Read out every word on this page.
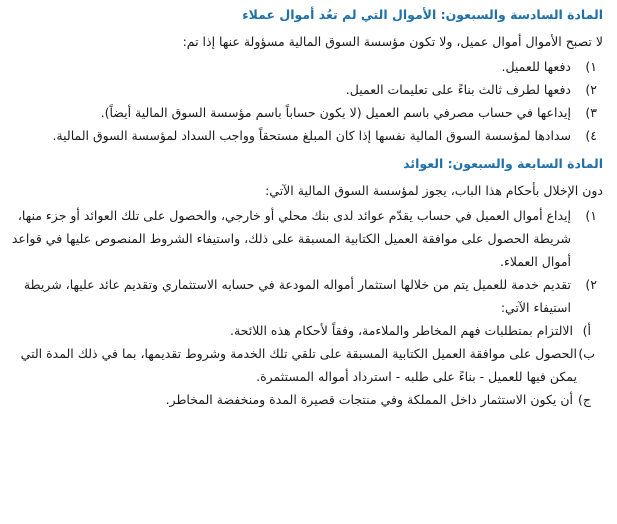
المادة السادسة والسبعون: الأموال التي لم تعُد أموال عملاء

لا تصبح الأموال أموال عميل، ولا تكون مؤسسة السوق المالية مسؤولة عنها إذا تم:

١)
دفعها للعميل.

٢)
دفعها لطرف ثالث بناءً على تعليمات العميل.

٣)
إيداعها في حساب مصرفي باسم العميل (لا يكون حساباً باسم مؤسسة السوق المالية أيضاً).

٤)
سدادها لمؤسسة السوق المالية نفسها إذا كان المبلغ مستحقاً وواجب السداد لمؤسسة السوق المالية.

المادة السابعة والسبعون: العوائد

دون الإخلال بأحكام هذا الباب، يجوز لمؤسسة السوق المالية الآتي:

١)
إيداع أموال العميل في حساب يقدّم عوائد لدى بنك محلي أو خارجي، والحصول على تلك العوائد أو جزء منها، شريطة الحصول على موافقة العميل الكتابية المسبقة على ذلك، واستيفاء الشروط المنصوص عليها في قواعد أموال العملاء.

٢)
تقديم خدمة للعميل يتم من خلالها استثمار أمواله المودعة في حسابه الاستثماري وتقديم عائد عليها، شريطة استيفاء الآتي:

أ)
الالتزام بمتطلبات فهم المخاطر والملاءمة، وفقاً لأحكام هذه اللائحة.

ب)
الحصول على موافقة العميل الكتابية المسبقة على تلقي تلك الخدمة وشروط تقديمها، بما في ذلك المدة التي يمكن فيها للعميل - بناءً على طلبه - استرداد أمواله المستثمرة.

ج)
أن يكون الاستثمار داخل المملكة وفي منتجات قصيرة المدة ومنخفضة المخاطر.
